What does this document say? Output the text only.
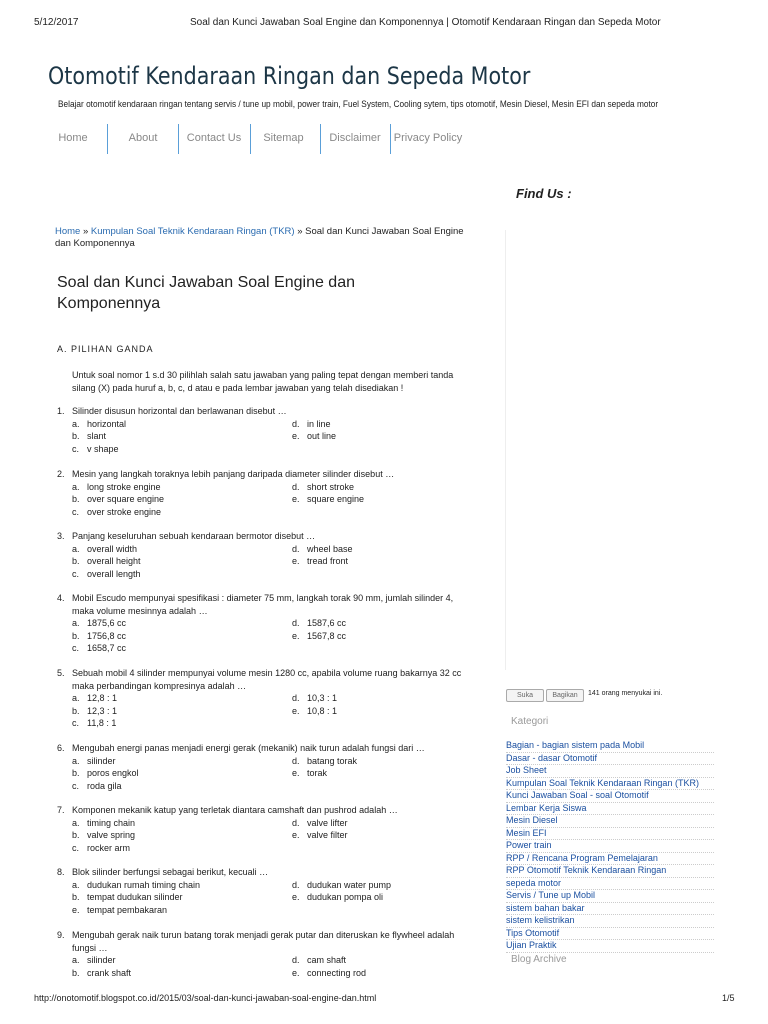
5/12/2017	Soal dan Kunci Jawaban Soal Engine dan Komponennya | Otomotif Kendaraan Ringan dan Sepeda Motor
Otomotif Kendaraan Ringan dan Sepeda Motor
Belajar otomotif kendaraan ringan tentang servis / tune up mobil, power train, Fuel System, Cooling sytem, tips otomotif, Mesin Diesel, Mesin EFI dan sepeda motor
Home	About	Contact Us	Sitemap	Disclaimer	Privacy Policy
Find Us :
Home » Kumpulan Soal Teknik Kendaraan Ringan (TKR) » Soal dan Kunci Jawaban Soal Engine dan Komponennya
Soal dan Kunci Jawaban Soal Engine dan Komponennya
A. PILIHAN GANDA
Untuk soal nomor 1 s.d 30 pilihlah salah satu jawaban yang paling tepat dengan memberi tanda silang (X) pada huruf a, b, c, d atau e pada lembar jawaban yang telah disediakan !
1. Silinder disusun horizontal dan berlawanan disebut …
a. horizontal
b. slant
c. v shape
d. in line
e. out line
2. Mesin yang langkah toraknya lebih panjang daripada diameter silinder disebut …
a. long stroke engine
b. over square engine
c. over stroke engine
d. short stroke
e. square engine
3. Panjang keseluruhan sebuah kendaraan bermotor disebut …
a. overall width
b. overall height
c. overall length
d. wheel base
e. tread front
4. Mobil Escudo mempunyai spesifikasi : diameter 75 mm, langkah torak 90 mm, jumlah silinder 4, maka volume mesinnya adalah …
a. 1875,6 cc
b. 1756,8 cc
c. 1658,7 cc
d. 1587,6 cc
e. 1567,8 cc
5. Sebuah mobil 4 silinder mempunyai volume mesin 1280 cc, apabila volume ruang bakarnya 32 cc maka perbandingan kompresinya adalah …
a. 12,8 : 1
b. 12,3 : 1
c. 11,8 : 1
d. 10,3 : 1
e. 10,8 : 1
6. Mengubah energi panas menjadi energi gerak (mekanik) naik turun adalah fungsi dari …
a. silinder
b. poros engkol
c. roda gila
d. batang torak
e. torak
7. Komponen mekanik katup yang terletak diantara camshaft dan pushrod adalah …
a. timing chain
b. valve spring
c. rocker arm
d. valve lifter
e. valve filter
8. Blok silinder berfungsi sebagai berikut, kecuali …
a. dudukan rumah timing chain
b. tempat dudukan silinder
e. tempat pembakaran
d. dudukan water pump
e. dudukan pompa oli
9. Mengubah gerak naik turun batang torak menjadi gerak putar dan diteruskan ke flywheel adalah fungsi …
a. silinder
b. crank shaft
d. cam shaft
e. connecting rod
Suka	Bagikan	141 orang menyukai ini.
Kategori
Bagian - bagian sistem pada Mobil
Dasar - dasar Otomotif
Job Sheet
Kumpulan Soal Teknik Kendaraan Ringan (TKR)
Kunci Jawaban Soal - soal Otomotif
Lembar Kerja Siswa
Mesin Diesel
Mesin EFI
Power train
RPP / Rencana Program Pemelajaran
RPP Otomotif Teknik Kendaraan Ringan
sepeda motor
Servis / Tune up Mobil
sistem bahan bakar
sistem kelistrikan
Tips Otomotif
Ujian Praktik
Blog Archive
http://onotomotif.blogspot.co.id/2015/03/soal-dan-kunci-jawaban-soal-engine-dan.html	1/5
